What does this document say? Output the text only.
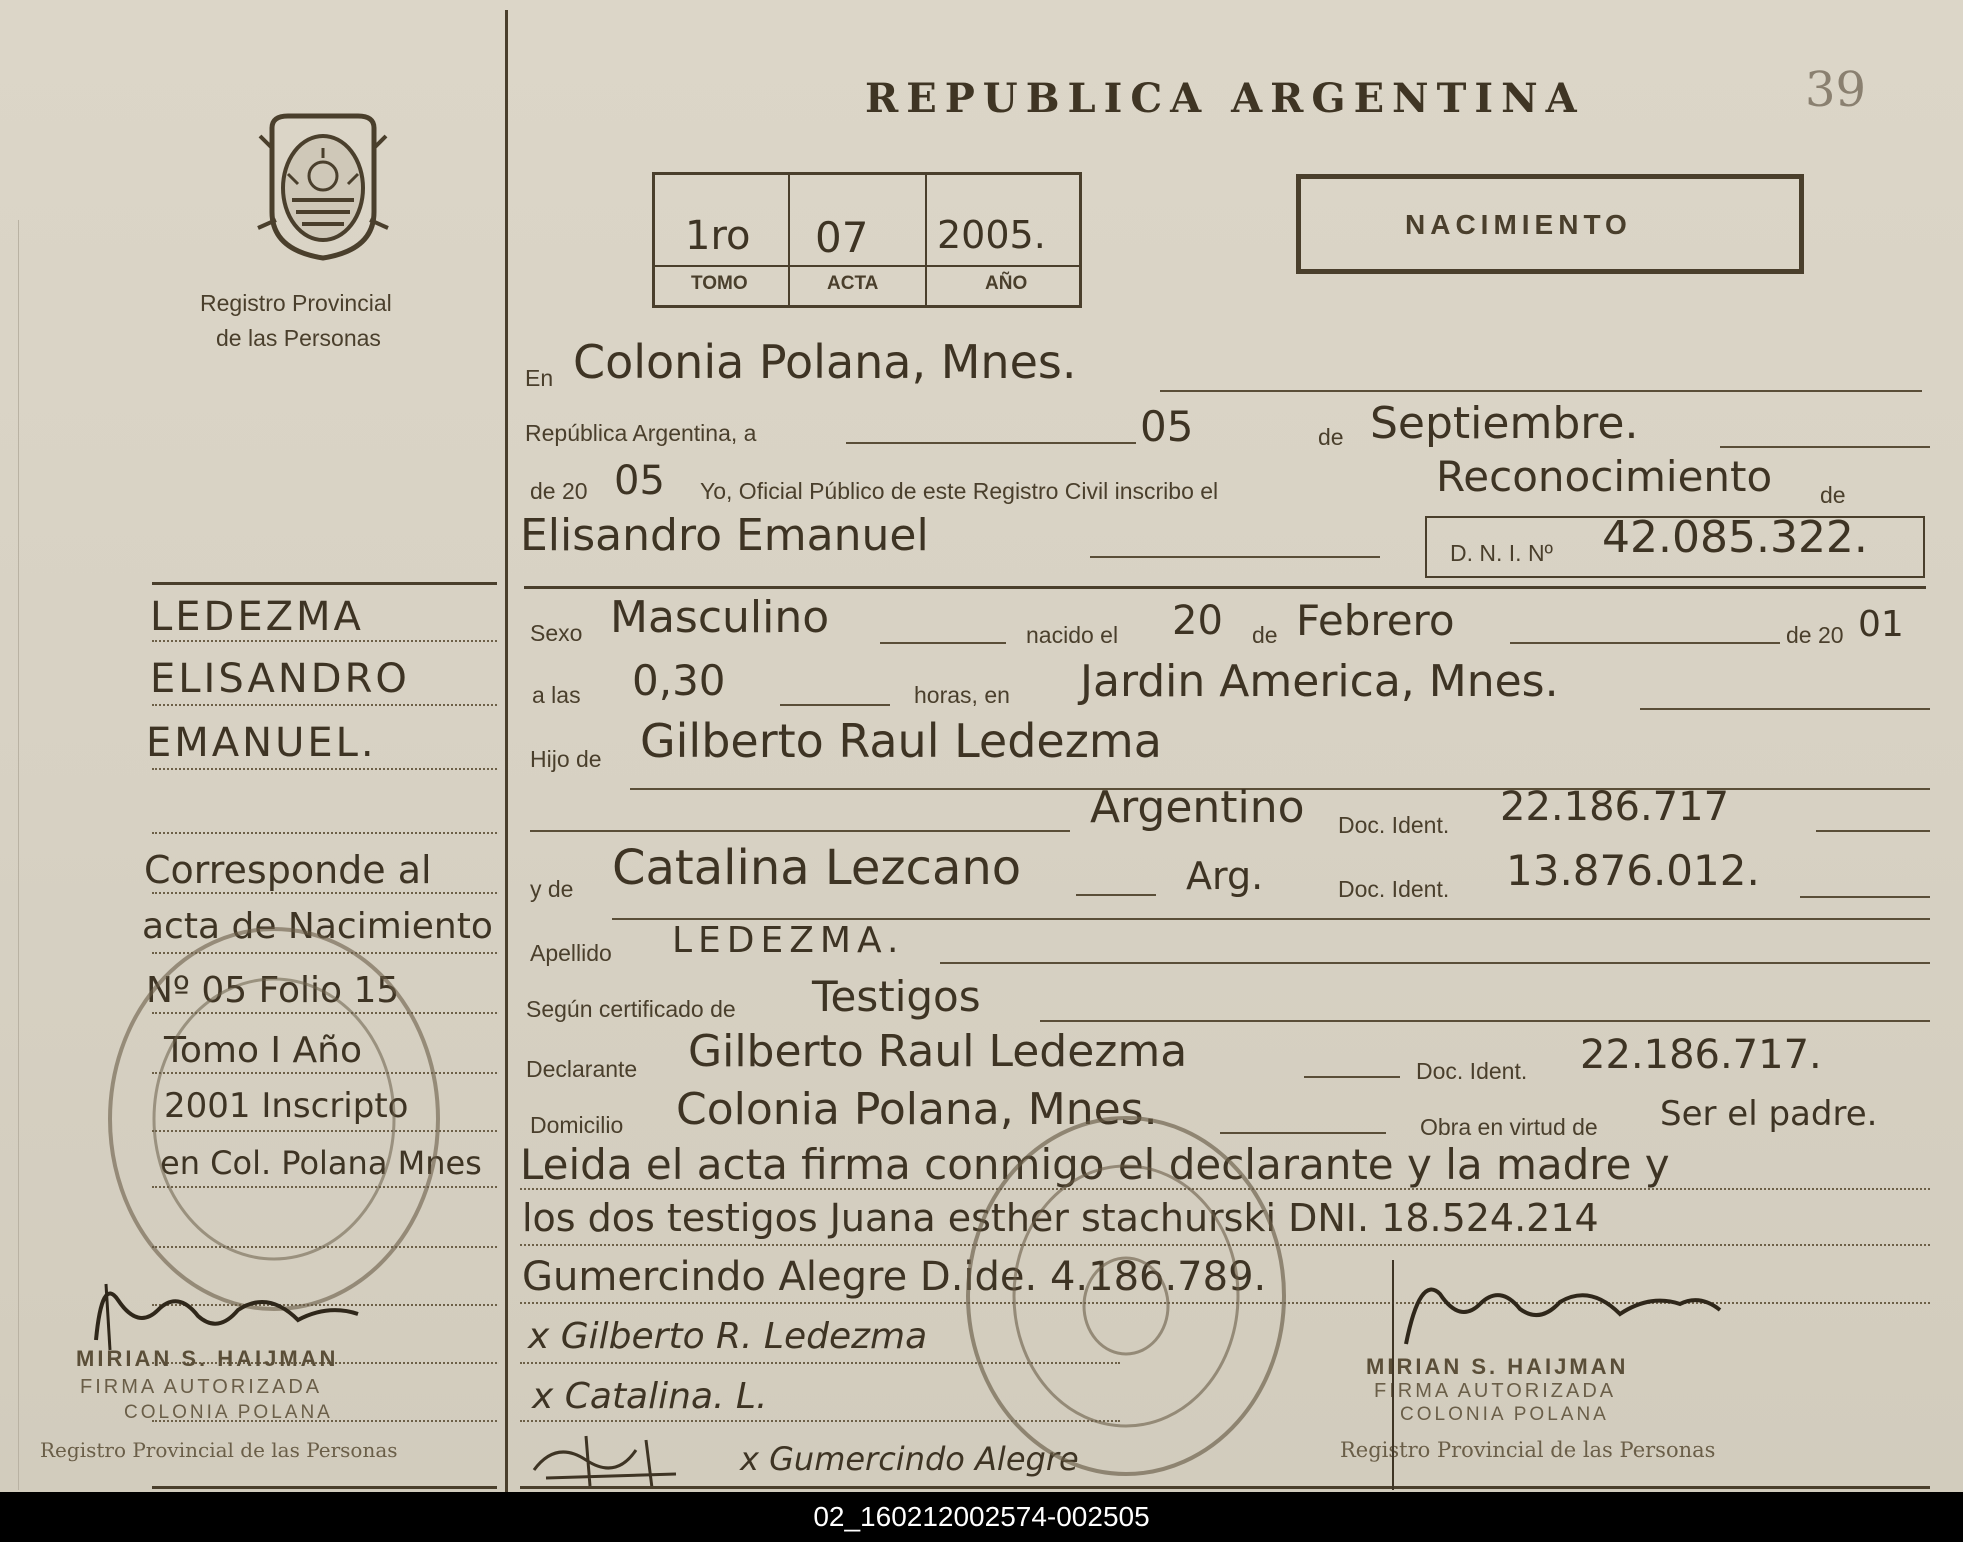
Registro Provincial
de las Personas
REPUBLICA ARGENTINA	39
1ro 07 2005.
TOMO	ACTA	AÑO
NACIMIENTO
En Colonia Polana, Mnes.
República Argentina, a	05	de Septiembre.
de 20 05 Yo, Oficial Público de este Registro Civil inscribo el	Reconocimiento de
Elisandro Emanuel	D. N. I. Nº 42.085.322.
Sexo Masculino	nacido el 20 de Febrero	de 20 01
a las 0,30	horas, en Jardin America, Mnes.
Hijo de Gilberto Raul Ledezma
Argentino Doc. Ident. 22.186.717
y de Catalina Lezcano	Arg.	Doc. Ident. 13.876.012.
Apellido LEDEZMA.
Según certificado de Testigos
Declarante Gilberto Raul Ledezma	Doc. Ident. 22.186.717.
Domicilio Colonia Polana, Mnes.	Obra en virtud de Ser el padre.
Leida el acta firma conmigo el declarante y la madre y
los dos testigos Juana esther stachurski DNI. 18.524.214
Gumercindo Alegre D.ide. 4.186.789.
x Gilberto R. Ledezma
x Catalina. L.
x Gumercindo Alegre
MIRIAN S. HAIJMAN
FIRMA AUTORIZADA
COLONIA POLANA
Registro Provincial de las Personas
LEDEZMA
ELISANDRO
EMANUEL.
Corresponde al
acta de Nacimiento
Nº 05 Folio 15
Tomo I Año
2001 Inscripto
en Col. Polana Mnes
MIRIAN S. HAIJMAN
FIRMA AUTORIZADA
COLONIA POLANA
Registro Provincial de las Personas
02_160212002574-002505
